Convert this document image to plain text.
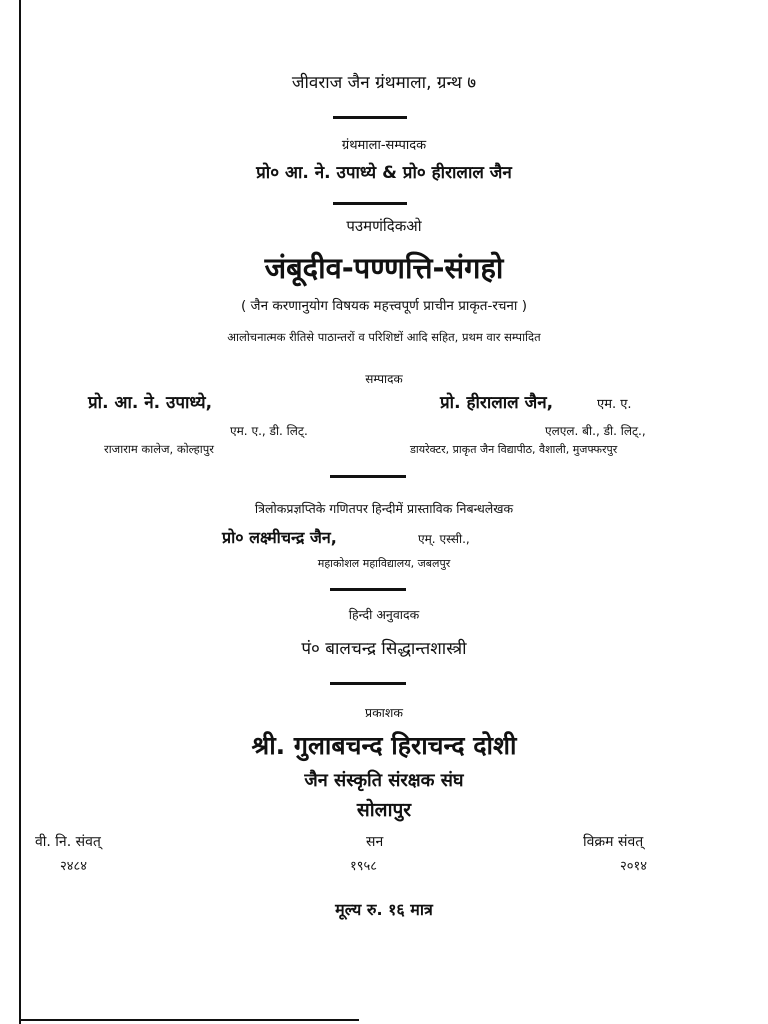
जीवराज जैन ग्रंथमाला, ग्रन्थ ७
ग्रंथमाला-सम्पादक
प्रो० आ. ने. उपाध्ये & प्रो० हीरालाल जैन
पउमणंदिकओ
जंबूदीव-पण्णत्ति-संगहो
( जैन करणानुयोग विषयक महत्त्वपूर्ण प्राचीन प्राकृत-रचना )
आलोचनात्मक रीतिसे पाठान्तरों व परिशिष्टों आदि सहित, प्रथम वार सम्पादित
सम्पादक
प्रो. आ. ने. उपाध्ये,
एम. ए., डी. लिट्.
राजाराम कालेज, कोल्हापुर
प्रो. हीरालाल जैन,	एम. ए.
एलएल. बी., डी. लिट्.,
डायरेक्टर, प्राकृत जैन विद्यापीठ, वैशाली, मुजफ्फरपुर
त्रिलोकप्रज्ञप्तिके गणितपर हिन्दीमें प्रास्ताविक निबन्धलेखक
प्रो० लक्ष्मीचन्द्र जैन,	एम्. एस्सी.,
महाकोशल महाविद्यालय, जबलपुर
हिन्दी अनुवादक
पं० बालचन्द्र सिद्धान्तशास्त्री
प्रकाशक
श्री. गुलाबचन्द हिराचन्द दोशी
जैन संस्कृति संरक्षक संघ
सोलापुर
वी. नि. संवत्
२४८४
सन
१९५८
विक्रम संवत्
२०१४
मूल्य रु. १६ मात्र
